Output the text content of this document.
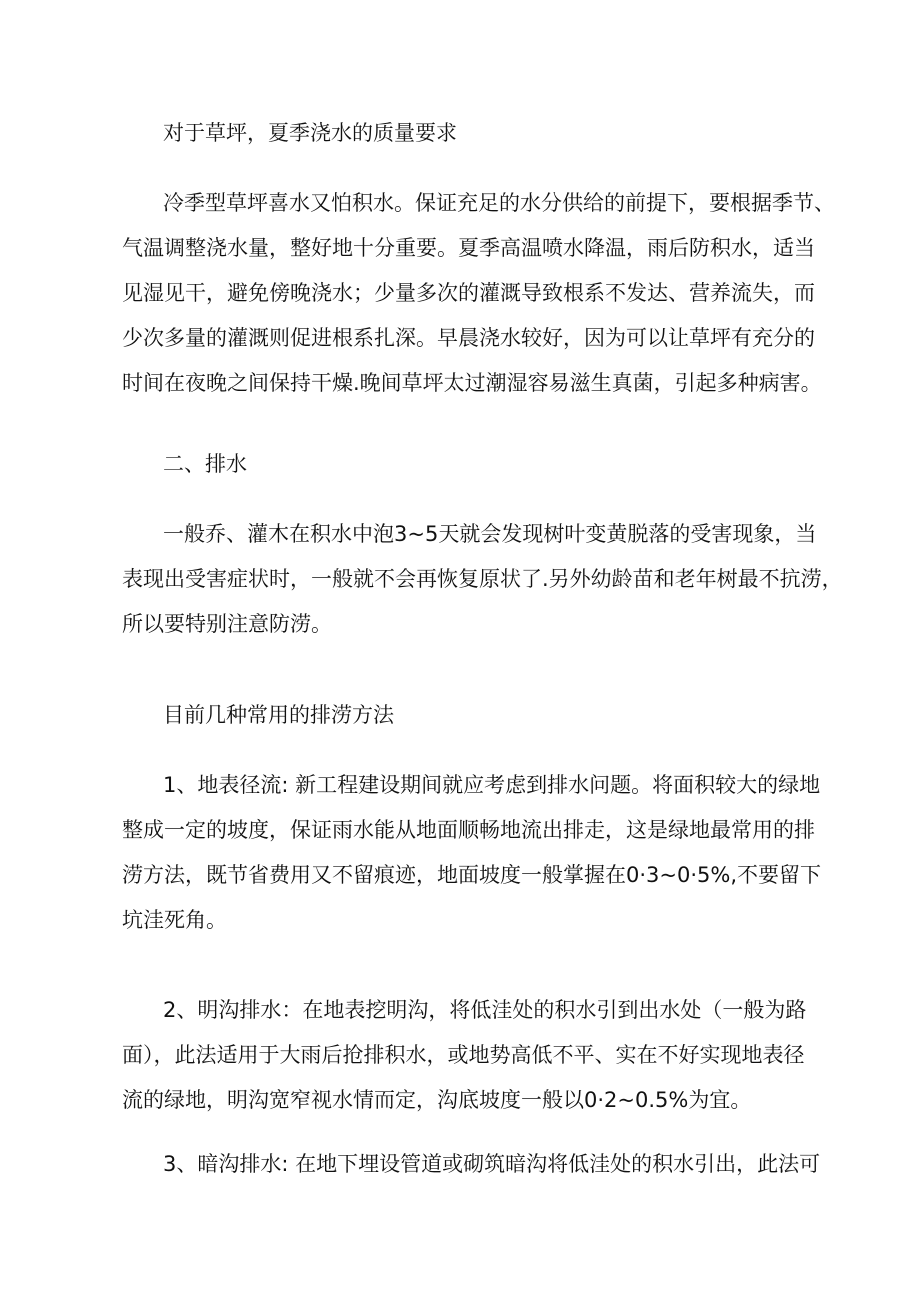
对于草坪，夏季浇水的质量要求

冷季型草坪喜水又怕积水。保证充足的水分供给的前提下，要根据季节、
气温调整浇水量，整好地十分重要。夏季高温喷水降温，雨后防积水，适当
见湿见干，避免傍晚浇水；少量多次的灌溉导致根系不发达、营养流失，而
少次多量的灌溉则促进根系扎深。早晨浇水较好，因为可以让草坪有充分的
时间在夜晚之间保持干燥.晚间草坪太过潮湿容易滋生真菌，引起多种病害。

二、排水

一般乔、灌木在积水中泡3~5天就会发现树叶变黄脱落的受害现象，当
表现出受害症状时，一般就不会再恢复原状了.另外幼龄苗和老年树最不抗涝，
所以要特别注意防涝。

目前几种常用的排涝方法

1、地表径流: 新工程建设期间就应考虑到排水问题。将面积较大的绿地
整成一定的坡度，保证雨水能从地面顺畅地流出排走，这是绿地最常用的排
涝方法，既节省费用又不留痕迹，地面坡度一般掌握在0·3~0·5%,不要留下
坑洼死角。

2、明沟排水：在地表挖明沟，将低洼处的积水引到出水处（一般为路
面），此法适用于大雨后抢排积水，或地势高低不平、实在不好实现地表径
流的绿地，明沟宽窄视水情而定，沟底坡度一般以0·2~0.5%为宜。

3、暗沟排水: 在地下埋设管道或砌筑暗沟将低洼处的积水引出，此法可
